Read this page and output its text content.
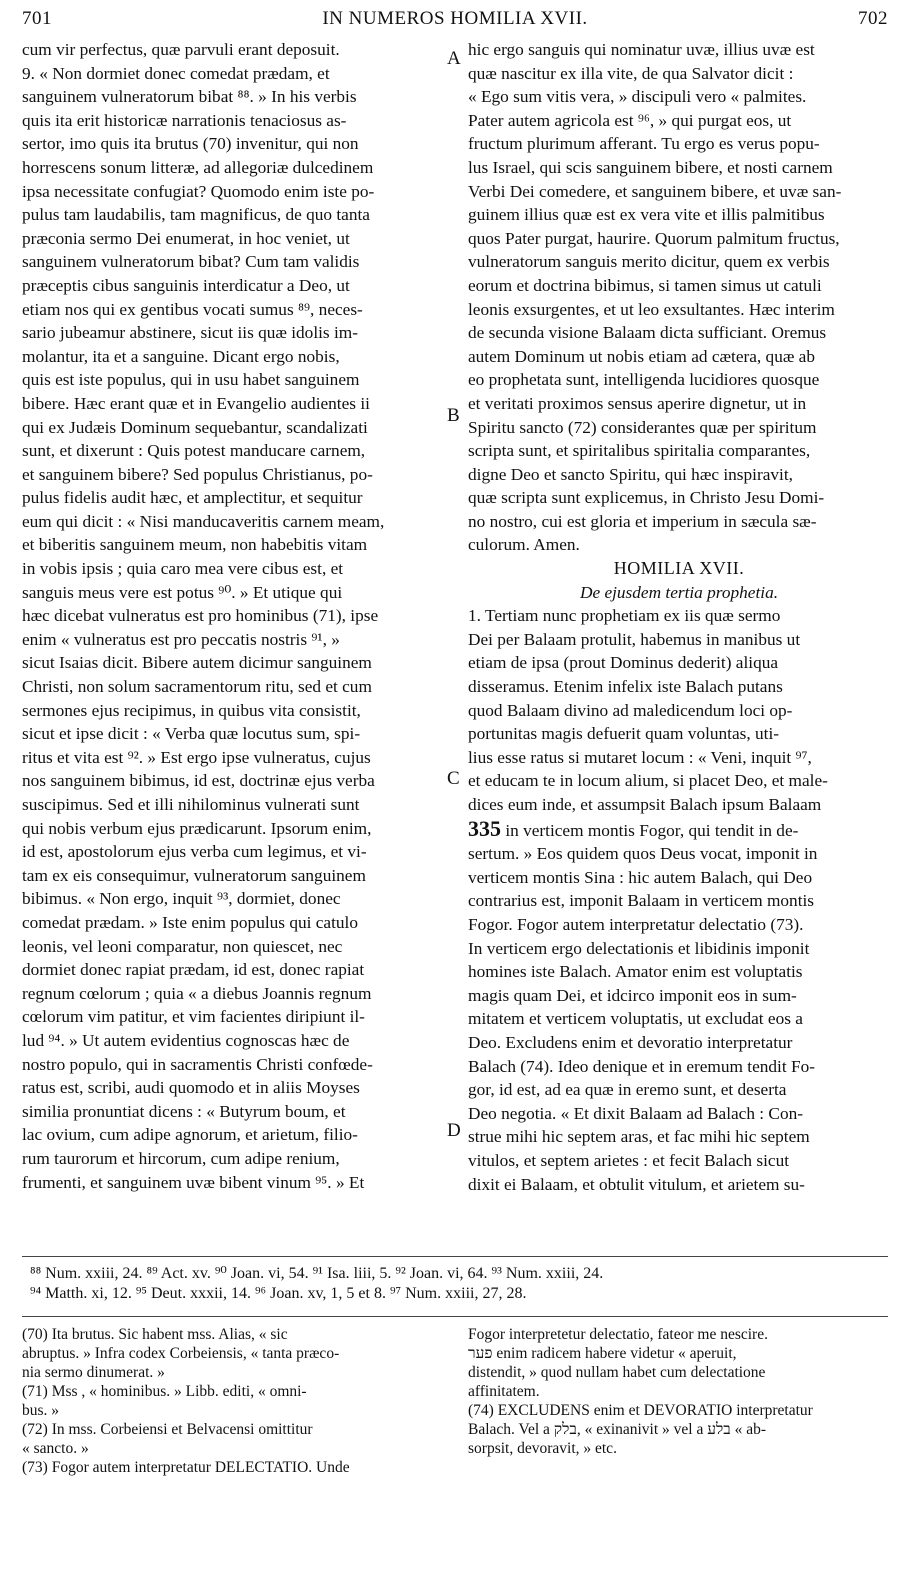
701	IN NUMEROS HOMILIA XVII.	702
cum vir perfectus, quæ parvuli erant deposuit.
9. « Non dormiet donec comedat prædam, et
sanguinem vulneratorum bibat ⁸⁸. » In his verbis
quis ita erit historicæ narrationis tenaciosus as-
sertor, imo quis ita brutus (70) invenitur, qui non
horrescens sonum litteræ, ad allegoriæ dulcedinem
ipsa necessitate confugiat? Quomodo enim iste po-
pulus tam laudabilis, tam magnificus, de quo tanta
præconia sermo Dei enumerat, in hoc veniet, ut
sanguinem vulneratorum bibat? Cum tam validis
præceptis cibus sanguinis interdicatur a Deo, ut
etiam nos qui ex gentibus vocati sumus ⁸⁹, neces-
sario jubeamur abstinere, sicut iis quæ idolis im-
molantur, ita et a sanguine. Dicant ergo nobis,
quis est iste populus, qui in usu habet sanguinem
bibere. Hæc erant quæ et in Evangelio audientes ii
qui ex Judæis Dominum sequebantur, scandalizati
sunt, et dixerunt : Quis potest manducare carnem,
et sanguinem bibere? Sed populus Christianus, po-
pulus fidelis audit hæc, et amplectitur, et sequitur
eum qui dicit : « Nisi manducaveritis carnem meam,
et biberitis sanguinem meum, non habebitis vitam
in vobis ipsis ; quia caro mea vere cibus est, et
sanguis meus vere est potus ⁹⁰. » Et utique qui
hæc dicebat vulneratus est pro hominibus (71), ipse
enim « vulneratus est pro peccatis nostris ⁹¹, »
sicut Isaias dicit. Bibere autem dicimur sanguinem
Christi, non solum sacramentorum ritu, sed et cum
sermones ejus recipimus, in quibus vita consistit,
sicut et ipse dicit : « Verba quæ locutus sum, spi-
ritus et vita est ⁹². » Est ergo ipse vulneratus, cujus
nos sanguinem bibimus, id est, doctrinæ ejus verba
suscipimus. Sed et illi nihilominus vulnerati sunt
qui nobis verbum ejus prædicarunt. Ipsorum enim,
id est, apostolorum ejus verba cum legimus, et vi-
tam ex eis consequimur, vulneratorum sanguinem
bibimus. « Non ergo, inquit ⁹³, dormiet, donec
comedat prædam. » Iste enim populus qui catulo
leonis, vel leoni comparatur, non quiescet, nec
dormiet donec rapiat prædam, id est, donec rapiat
regnum cœlorum ; quia « a diebus Joannis regnum
cœlorum vim patitur, et vim facientes diripiunt il-
lud ⁹⁴. » Ut autem evidentius cognoscas hæc de
nostro populo, qui in sacramentis Christi confœde-
ratus est, scribi, audi quomodo et in aliis Moyses
similia pronuntiat dicens : « Butyrum boum, et
lac ovium, cum adipe agnorum, et arietum, filio-
rum taurorum et hircorum, cum adipe renium,
frumenti, et sanguinem uvæ bibent vinum ⁹⁵. » Et
hic ergo sanguis qui nominatur uvæ, illius uvæ est
quæ nascitur ex illa vite, de qua Salvator dicit :
« Ego sum vitis vera, » discipuli vero « palmites.
Pater autem agricola est ⁹⁶, » qui purgat eos, ut
fructum plurimum afferant. Tu ergo es verus popu-
lus Israel, qui scis sanguinem bibere, et nosti carnem
Verbi Dei comedere, et sanguinem bibere, et uvæ san-
guinem illius quæ est ex vera vite et illis palmitibus
quos Pater purgat, haurire. Quorum palmitum fructus,
vulneratorum sanguis merito dicitur, quem ex verbis
eorum et doctrina bibimus, si tamen simus ut catuli
leonis exsurgentes, et ut leo exsultantes. Hæc interim
de secunda visione Balaam dicta sufficiant. Oremus
autem Dominum ut nobis etiam ad cætera, quæ ab
eo prophetata sunt, intelligenda lucidiores quosque
et veritati proximos sensus aperire dignetur, ut in
Spiritu sancto (72) considerantes quæ per spiritum
scripta sunt, et spiritalibus spiritalia comparantes,
digne Deo et sancto Spiritu, qui hæc inspiravit,
quæ scripta sunt explicemus, in Christo Jesu Domi-
no nostro, cui est gloria et imperium in sæcula sæ-
culorum. Amen.
HOMILIA XVII.
De ejusdem tertia prophetia.
1. Tertiam nunc prophetiam ex iis quæ sermo
Dei per Balaam protulit, habemus in manibus ut
etiam de ipsa (prout Dominus dederit) aliqua
disseramus. Etenim infelix iste Balach putans
quod Balaam divino ad maledicendum loci op-
portunitas magis defuerit quam voluntas, uti-
lius esse ratus si mutaret locum : « Veni, inquit ⁹⁷,
et educam te in locum alium, si placet Deo, et male-
dices eum inde, et assumpsit Balach ipsum Balaam
335 in verticem montis Fogor, qui tendit in de-
sertum. » Eos quidem quos Deus vocat, imponit in
verticem montis Sina : hic autem Balach, qui Deo
contrarius est, imponit Balaam in verticem montis
Fogor. Fogor autem interpretatur delectatio (73).
In verticem ergo delectationis et libidinis imponit
homines iste Balach. Amator enim est voluptatis
magis quam Dei, et idcirco imponit eos in sum-
mitatem et verticem voluptatis, ut excludat eos a
Deo. Excludens enim et devoratio interpretatur
Balach (74). Ideo denique et in eremum tendit Fo-
gor, id est, ad ea quæ in eremo sunt, et deserta
Deo negotia. « Et dixit Balaam ad Balach : Con-
strue mihi hic septem aras, et fac mihi hic septem
vitulos, et septem arietes : et fecit Balach sicut
dixit ei Balaam, et obtulit vitulum, et arietem su-
A
B
C
D
⁸⁸ Num. xxiii, 24. ⁸⁹ Act. xv. ⁹⁰ Joan. vi, 54. ⁹¹ Isa. liii, 5. ⁹² Joan. vi, 64. ⁹³ Num. xxiii, 24.
⁹⁴ Matth. xi, 12. ⁹⁵ Deut. xxxii, 14. ⁹⁶ Joan. xv, 1, 5 et 8. ⁹⁷ Num. xxiii, 27, 28.
(70) Ita brutus. Sic habent mss. Alias, « sic
abruptus. » Infra codex Corbeiensis, « tanta præco-
nia sermo dinumerat. »
(71) Mss , « hominibus. » Libb. editi, « omni-
bus. »
(72) In mss. Corbeiensi et Belvacensi omittitur
« sancto. »
(73) Fogor autem interpretatur DELECTATIO. Unde
Fogor interpretetur delectatio, fateor me nescire.
פער enim radicem habere videtur « aperuit,
distendit, » quod nullam habet cum delectatione
affinitatem.
(74) EXCLUDENS enim et DEVORATIO interpretatur
Balach. Vel a בלק, « exinanivit » vel a בלע « ab-
sorpsit, devoravit, » etc.
